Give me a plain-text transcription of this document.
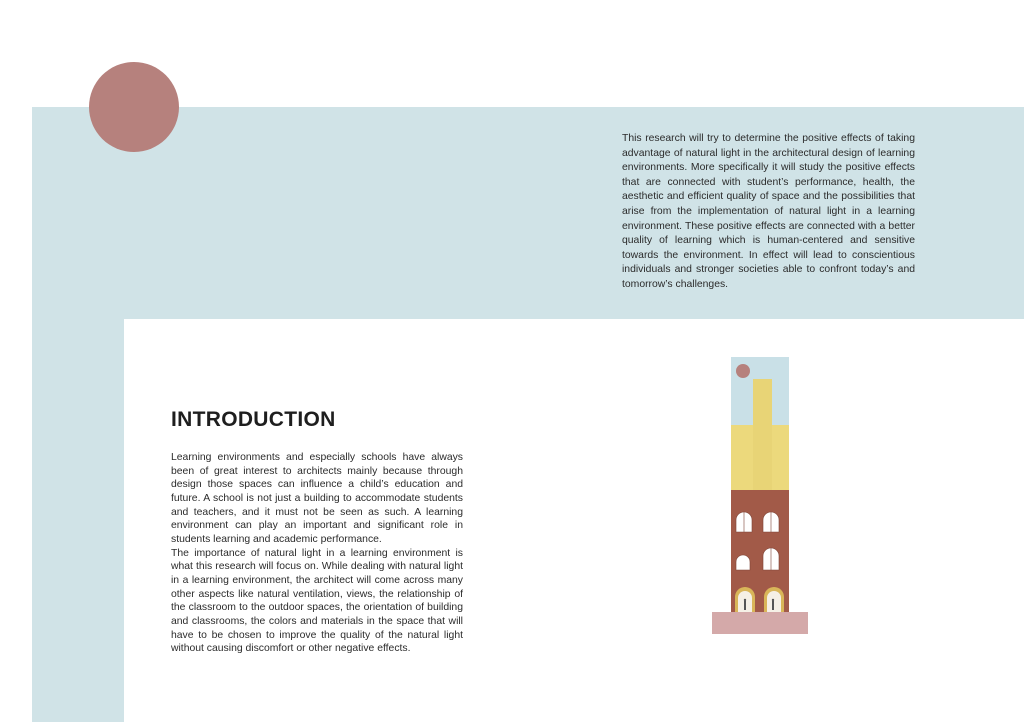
This research will try to determine the positive effects of taking advantage of natural light in the architectural design of learning environments. More specifically it will study the positive effects that are connected with student’s performance, health, the aesthetic and efficient quality of space and the possibilities that arise from the implementation of natural light in a learning environment. These positive effects are connected with a better quality of learning which is human-centered and sensitive towards the environment. In effect will lead to conscientious individuals and stronger societies able to confront today’s and tomorrow’s challenges.

INTRODUCTION

Learning environments and especially schools have always been of great interest to architects mainly because through design those spaces can influence a child’s education and future. A school is not just a building to accommodate students and teachers, and it must not be seen as such. A learning environment can play an important and significant role in students learning and academic performance.

The importance of natural light in a learning environment is what this research will focus on. While dealing with natural light in a learning environment, the architect will come across many other aspects like natural ventilation, views, the relationship of the classroom to the outdoor spaces, the orientation of building and classrooms, the colors and materials in the space that will have to be chosen to improve the quality of the natural light without causing discomfort or other negative effects.
